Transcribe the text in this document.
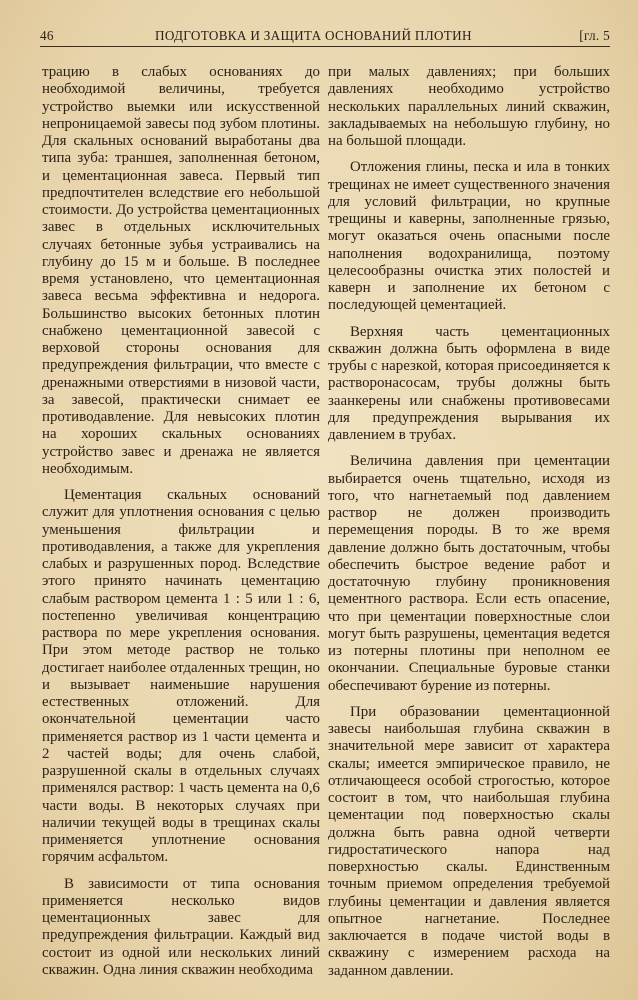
46	ПОДГОТОВКА И ЗАЩИТА ОСНОВАНИЙ ПЛОТИН	[гл. 5

трацию в слабых основаниях до необходимой величины, требуется устройство выемки или искусственной непроницаемой завесы под зубом плотины. Для скальных оснований выработаны два типа зуба: траншея, заполненная бетоном, и цементационная завеса. Первый тип предпочтителен вследствие его небольшой стоимости. До устройства цементационных завес в отдельных исключительных случаях бетонные зубья устраивались на глубину до 15 м и больше. В последнее время установлено, что цементационная завеса весьма эффективна и недорога. Большинство высоких бетонных плотин снабжено цементационной завесой с верховой стороны основания для предупреждения фильтрации, что вместе с дренажными отверстиями в низовой части, за завесой, практически снимает ее противодавление. Для невысоких плотин на хороших скальных основаниях устройство завес и дренажа не является необходимым.

Цементация скальных оснований служит для уплотнения основания с целью уменьшения фильтрации и противодавления, а также для укрепления слабых и разрушенных пород. Вследствие этого принято начинать цементацию слабым раствором цемента 1 : 5 или 1 : 6, постепенно увеличивая концентрацию раствора по мере укрепления основания. При этом методе раствор не только достигает наиболее отдаленных трещин, но и вызывает наименьшие нарушения естественных отложений. Для окончательной цементации часто применяется раствор из 1 части цемента и 2 частей воды; для очень слабой, разрушенной скалы в отдельных случаях применялся раствор: 1 часть цемента на 0,6 части воды. В некоторых случаях при наличии текущей воды в трещинах скалы применяется уплотнение основания горячим асфальтом.

В зависимости от типа основания применяется несколько видов цементационных завес для предупреждения фильтрации. Каждый вид состоит из одной или нескольких линий скважин. Одна линия скважин необходима

при малых давлениях; при больших давлениях необходимо устройство нескольких параллельных линий скважин, закладываемых на небольшую глубину, но на большой площади.

Отложения глины, песка и ила в тонких трещинах не имеет существенного значения для условий фильтрации, но крупные трещины и каверны, заполненные грязью, могут оказаться очень опасными после наполнения водохранилища, поэтому целесообразны очистка этих полостей и каверн и заполнение их бетоном с последующей цементацией.

Верхняя часть цементационных скважин должна быть оформлена в виде трубы с нарезкой, которая присоединяется к растворонасосам, трубы должны быть заанкерены или снабжены противовесами для предупреждения вырывания их давлением в трубах.

Величина давления при цементации выбирается очень тщательно, исходя из того, что нагнетаемый под давлением раствор не должен производить перемещения породы. В то же время давление должно быть достаточным, чтобы обеспечить быстрое ведение работ и достаточную глубину проникновения цементного раствора. Если есть опасение, что при цементации поверхностные слои могут быть разрушены, цементация ведется из потерны плотины при неполном ее окончании. Специальные буровые станки обеспечивают бурение из потерны.

При образовании цементационной завесы наибольшая глубина скважин в значительной мере зависит от характера скалы; имеется эмпирическое правило, не отличающееся особой строгостью, которое состоит в том, что наибольшая глубина цементации под поверхностью скалы должна быть равна одной четверти гидростатического напора над поверхностью скалы. Единственным точным приемом определения требуемой глубины цементации и давления является опытное нагнетание. Последнее заключается в подаче чистой воды в скважину с измерением расхода на заданном давлении.
